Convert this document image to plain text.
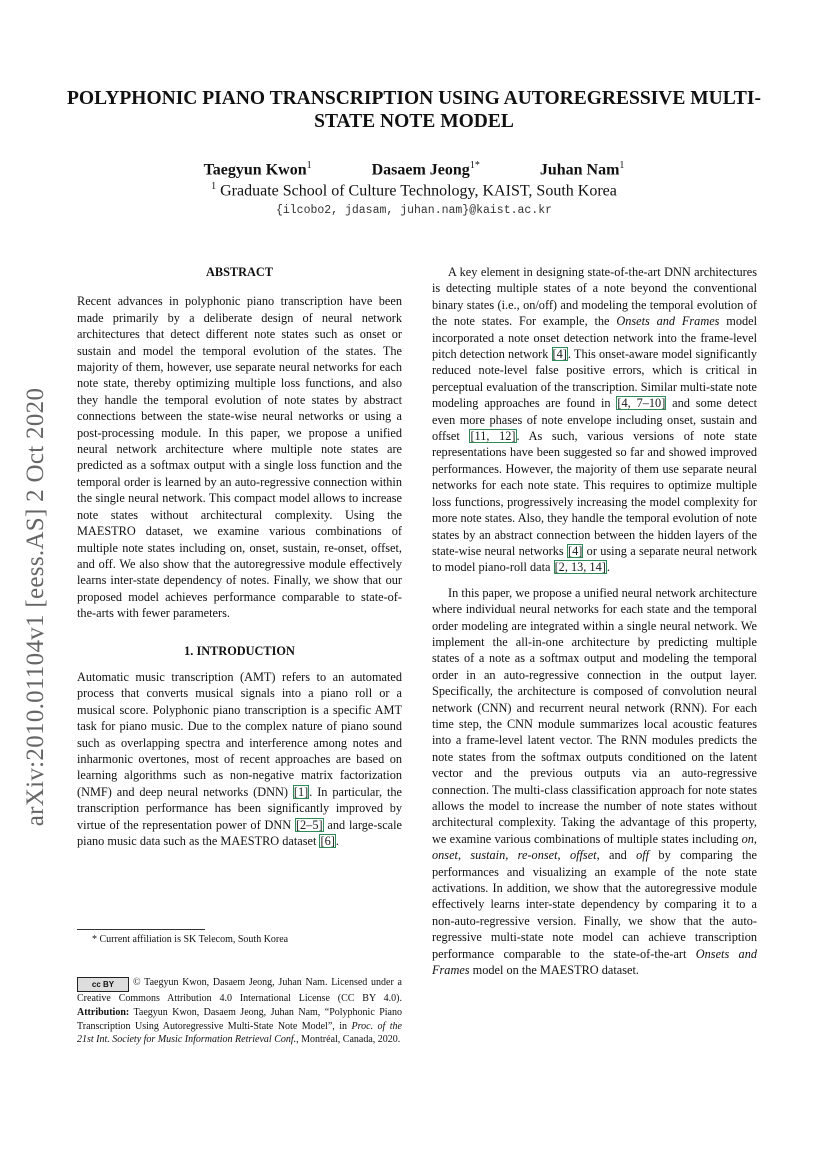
POLYPHONIC PIANO TRANSCRIPTION USING AUTOREGRESSIVE MULTI-STATE NOTE MODEL
Taegyun Kwon$^1$	Dasaem Jeong$^{1*}$	Juhan Nam$^1$
$^1$ Graduate School of Culture Technology, KAIST, South Korea
{ilcobo2, jdasam, juhan.nam}@kaist.ac.kr
arXiv:2010.01104v1 [eess.AS] 2 Oct 2020

ABSTRACT

Recent advances in polyphonic piano transcription have been made primarily by a deliberate design of neural network architectures that detect different note states such as onset or sustain and model the temporal evolution of the states. The majority of them, however, use separate neural networks for each note state, thereby optimizing multiple loss functions, and also they handle the temporal evolution of note states by abstract connections between the state-wise neural networks or using a post-processing module. In this paper, we propose a unified neural network architecture where multiple note states are predicted as a softmax output with a single loss function and the temporal order is learned by an auto-regressive connection within the single neural network. This compact model allows to increase note states without architectural complexity. Using the MAESTRO dataset, we examine various combinations of multiple note states including on, onset, sustain, re-onset, offset, and off. We also show that the autoregressive module effectively learns inter-state dependency of notes. Finally, we show that our proposed model achieves performance comparable to state-of-the-arts with fewer parameters.

1. INTRODUCTION

Automatic music transcription (AMT) refers to an automated process that converts musical signals into a piano roll or a musical score. Polyphonic piano transcription is a specific AMT task for piano music. Due to the complex nature of piano sound such as overlapping spectra and interference among notes and inharmonic overtones, most of recent approaches are based on learning algorithms such as non-negative matrix factorization (NMF) and deep neural networks (DNN) [1]. In particular, the transcription performance has been significantly improved by virtue of the representation power of DNN [2–5] and large-scale piano music data such as the MAESTRO dataset [6].

* Current affiliation is SK Telecom, South Korea
cc BY © Taegyun Kwon, Dasaem Jeong, Juhan Nam. Licensed under a Creative Commons Attribution 4.0 International License (CC BY 4.0). Attribution: Taegyun Kwon, Dasaem Jeong, Juhan Nam, “Polyphonic Piano Transcription Using Autoregressive Multi-State Note Model”, in Proc. of the 21st Int. Society for Music Information Retrieval Conf., Montréal, Canada, 2020.

A key element in designing state-of-the-art DNN architectures is detecting multiple states of a note beyond the conventional binary states (i.e., on/off) and modeling the temporal evolution of the note states. For example, the Onsets and Frames model incorporated a note onset detection network into the frame-level pitch detection network [4]. This onset-aware model significantly reduced note-level false positive errors, which is critical in perceptual evaluation of the transcription. Similar multi-state note modeling approaches are found in [4, 7–10] and some detect even more phases of note envelope including onset, sustain and offset [11, 12]. As such, various versions of note state representations have been suggested so far and showed improved performances. However, the majority of them use separate neural networks for each note state. This requires to optimize multiple loss functions, progressively increasing the model complexity for more note states. Also, they handle the temporal evolution of note states by an abstract connection between the hidden layers of the state-wise neural networks [4] or using a separate neural network to model piano-roll data [2, 13, 14].

In this paper, we propose a unified neural network architecture where individual neural networks for each state and the temporal order modeling are integrated within a single neural network. We implement the all-in-one architecture by predicting multiple states of a note as a softmax output and modeling the temporal order in an auto-regressive connection in the output layer. Specifically, the architecture is composed of convolution neural network (CNN) and recurrent neural network (RNN). For each time step, the CNN module summarizes local acoustic features into a frame-level latent vector. The RNN modules predicts the note states from the softmax outputs conditioned on the latent vector and the previous outputs via an auto-regressive connection. The multi-class classification approach for note states allows the model to increase the number of note states without architectural complexity. Taking the advantage of this property, we examine various combinations of multiple states including on, onset, sustain, re-onset, offset, and off by comparing the performances and visualizing an example of the note state activations. In addition, we show that the autoregressive module effectively learns inter-state dependency by comparing it to a non-auto-regressive version. Finally, we show that the auto-regressive multi-state note model can achieve transcription performance comparable to the state-of-the-art Onsets and Frames model on the MAESTRO dataset.
